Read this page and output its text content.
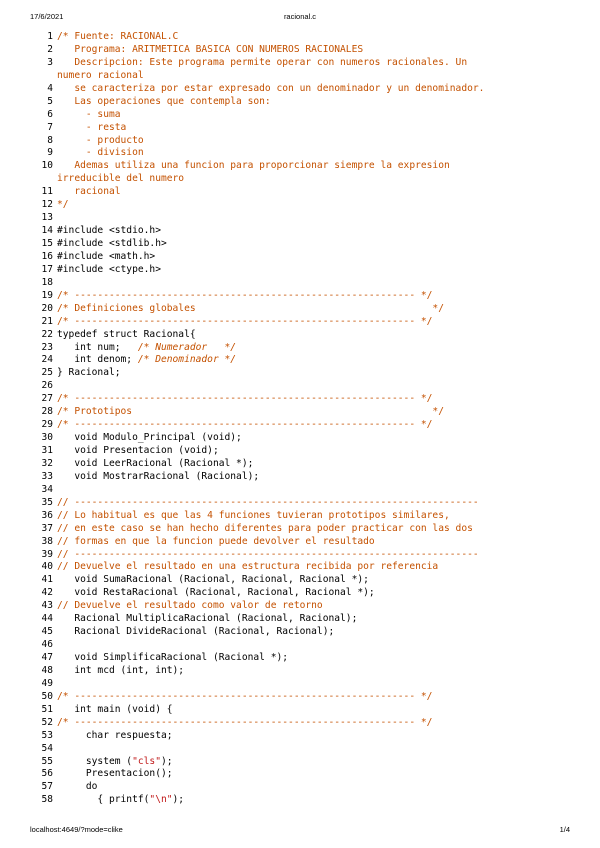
17/6/2021	racional.c
1 /* Fuente: RACIONAL.C
2 Programa: ARITMETICA BASICA CON NUMEROS RACIONALES
3 Descripcion: Este programa permite operar con numeros racionales. Un
numero racional
4 se caracteriza por estar expresado con un denominador y un denominador.
5 Las operaciones que contempla son:
6 - suma
7 - resta
8 - producto
9 - division
10 Ademas utiliza una funcion para proporcionar siempre la expresion
irreducible del numero
11 racional
12 */
13
14 #include <stdio.h>
15 #include <stdlib.h>
16 #include <math.h>
17 #include <ctype.h>
18
19 /* ----------------------------------------------------------- */
20 /* Definiciones globales                                         */
21 /* ----------------------------------------------------------- */
22 typedef struct Racional{
23 int num;   /* Numerador   */
24 int denom; /* Denominador */
25 } Racional;
26
27 /* ----------------------------------------------------------- */
28 /* Prototipos                                                    */
29 /* ----------------------------------------------------------- */
30 void Modulo_Principal (void);
31 void Presentacion (void);
32 void LeerRacional (Racional *);
33 void MostrarRacional (Racional);
34
35 // ----------------------------------------------------------------------
36 // Lo habitual es que las 4 funciones tuvieran prototipos similares,
37 // en este caso se han hecho diferentes para poder practicar con las dos
38 // formas en que la funcion puede devolver el resultado
39 // ----------------------------------------------------------------------
40 // Devuelve el resultado en una estructura recibida por referencia
41 void SumaRacional (Racional, Racional, Racional *);
42 void RestaRacional (Racional, Racional, Racional *);
43 // Devuelve el resultado como valor de retorno
44 Racional MultiplicaRacional (Racional, Racional);
45 Racional DivideRacional (Racional, Racional);
46
47 void SimplificaRacional (Racional *);
48 int mcd (int, int);
49
50 /* ----------------------------------------------------------- */
51 int main (void) {
52 /* ----------------------------------------------------------- */
53 char respuesta;
54
55 system ("cls");
56 Presentacion();
57 do
58 { printf("\n");
localhost:4649/?mode=clike	1/4
